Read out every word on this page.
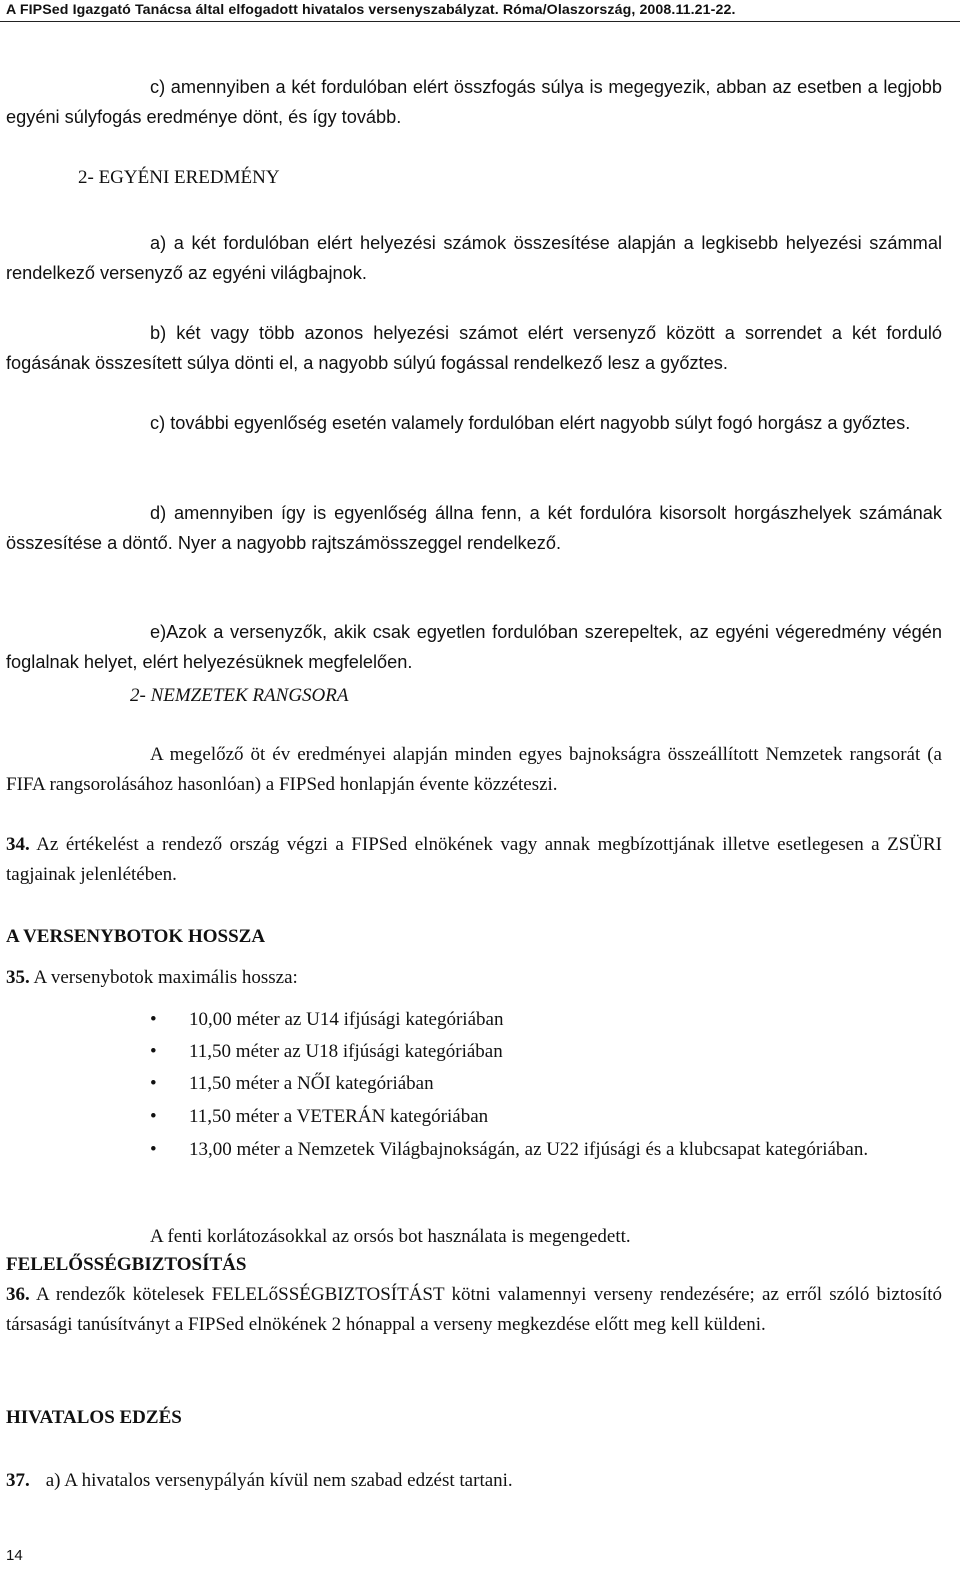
A FIPSed Igazgató Tanácsa által elfogadott hivatalos versenyszabályzat. Róma/Olaszország, 2008.11.21-22.
c) amennyiben a két fordulóban elért összfogás súlya is megegyezik, abban az esetben a legjobb egyéni súlyfogás eredménye dönt, és így tovább.
2- EGYÉNI EREDMÉNY
a) a két fordulóban elért helyezési számok összesítése alapján a legkisebb helyezési számmal rendelkező versenyző az egyéni világbajnok.
b) két vagy több azonos helyezési számot elért versenyző között a sorrendet a két forduló fogásának összesített súlya dönti el, a nagyobb súlyú fogással rendelkező lesz a győztes.
c) további egyenlőség esetén valamely fordulóban elért nagyobb súlyt fogó horgász a győztes.
d) amennyiben így is egyenlőség állna fenn, a két fordulóra kisorsolt horgászhelyek számának összesítése a döntő. Nyer a nagyobb rajtszámösszeggel rendelkező.
e)Azok a versenyzők, akik csak egyetlen fordulóban szerepeltek, az egyéni végeredmény végén foglalnak helyet, elért helyezésüknek megfelelően.
2- NEMZETEK RANGSORA
A megelőző öt év eredményei alapján minden egyes bajnokságra összeállított Nemzetek rangsorát (a FIFA rangsorolásához hasonlóan) a FIPSed honlapján évente közzéteszi.
34. Az értékelést a rendező ország végzi a FIPSed elnökének vagy annak megbízottjának illetve esetlegesen a ZSÜRI tagjainak jelenlétében.
A VERSENYBOTOK HOSSZA
35. A versenybotok maximális hossza:
• 10,00 méter az U14 ifjúsági kategóriában
• 11,50 méter az U18 ifjúsági kategóriában
• 11,50 méter a NŐI kategóriában
• 11,50 méter a VETERÁN kategóriában
• 13,00 méter a Nemzetek Világbajnokságán, az U22 ifjúsági és a klubcsapat kategóriában.
A fenti korlátozásokkal az orsós bot használata is megengedett.
FELELŐSSÉGBIZTOSÍTÁS
36. A rendezők kötelesek FELELőSSÉGBIZTOSÍTÁST kötni valamennyi verseny rendezésére; az erről szóló biztosító társasági tanúsítványt a FIPSed elnökének 2 hónappal a verseny megkezdése előtt meg kell küldeni.
HIVATALOS EDZÉS
37. a) A hivatalos versenypályán kívül nem szabad edzést tartani.
14
